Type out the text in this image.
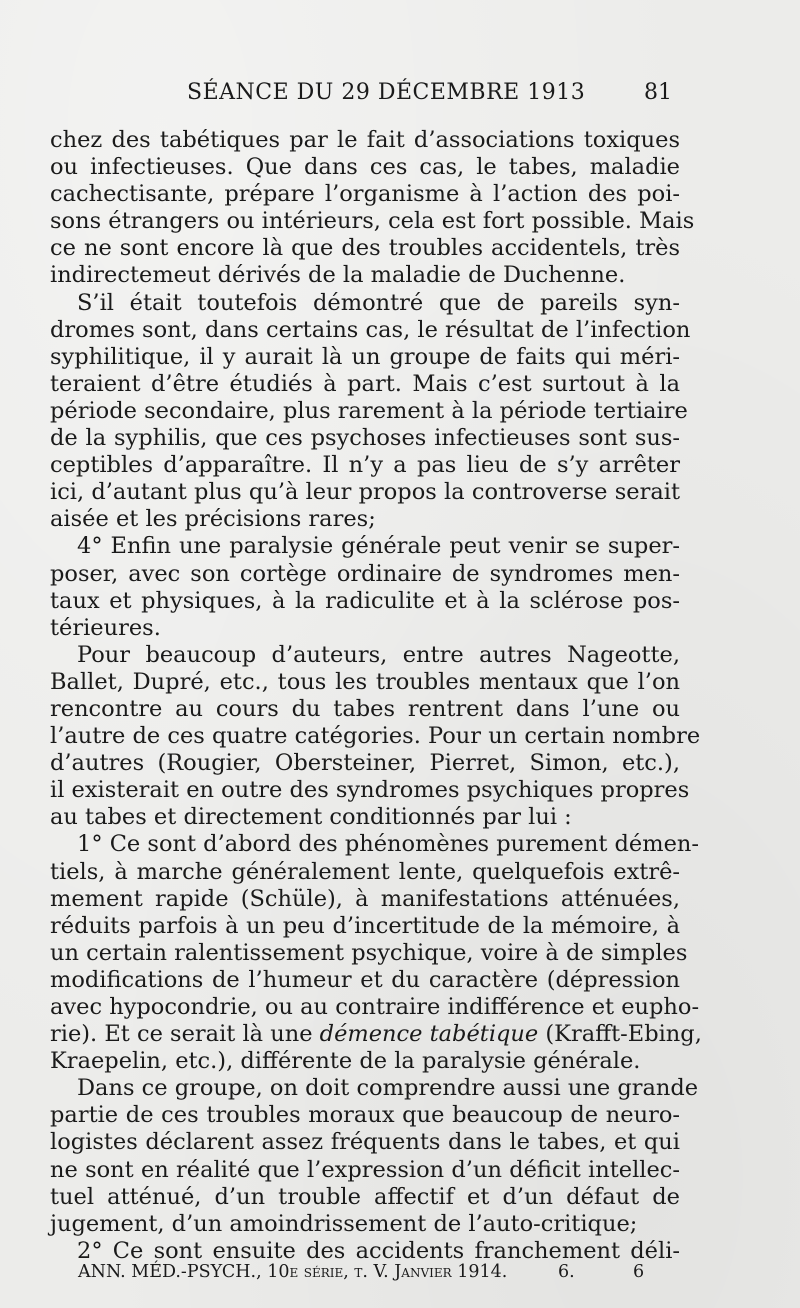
SÉANCE DU 29 DÉCEMBRE 1913	81
chez des tabétiques par le fait d’associations toxiques
ou infectieuses. Que dans ces cas, le tabes, maladie
cachectisante, prépare l’organisme à l’action des poi-
sons étrangers ou intérieurs, cela est fort possible. Mais
ce ne sont encore là que des troubles accidentels, très
indirectemeut dérivés de la maladie de Duchenne.
S’il était toutefois démontré que de pareils syn-
dromes sont, dans certains cas, le résultat de l’infection
syphilitique, il y aurait là un groupe de faits qui méri-
teraient d’être étudiés à part. Mais c’est surtout à la
période secondaire, plus rarement à la période tertiaire
de la syphilis, que ces psychoses infectieuses sont sus-
ceptibles d’apparaître. Il n’y a pas lieu de s’y arrêter
ici, d’autant plus qu’à leur propos la controverse serait
aisée et les précisions rares;
4° Enfin une paralysie générale peut venir se super-
poser, avec son cortège ordinaire de syndromes men-
taux et physiques, à la radiculite et à la sclérose pos-
térieures.
Pour beaucoup d’auteurs, entre autres Nageotte,
Ballet, Dupré, etc., tous les troubles mentaux que l’on
rencontre au cours du tabes rentrent dans l’une ou
l’autre de ces quatre catégories. Pour un certain nombre
d’autres (Rougier, Obersteiner, Pierret, Simon, etc.),
il existerait en outre des syndromes psychiques propres
au tabes et directement conditionnés par lui :
1° Ce sont d’abord des phénomènes purement démen-
tiels, à marche généralement lente, quelquefois extrê-
mement rapide (Schüle), à manifestations atténuées,
réduits parfois à un peu d’incertitude de la mémoire, à
un certain ralentissement psychique, voire à de simples
modifications de l’humeur et du caractère (dépression
avec hypocondrie, ou au contraire indifférence et eupho-
rie). Et ce serait là une démence tabétique (Krafft-Ebing,
Kraepelin, etc.), différente de la paralysie générale.
Dans ce groupe, on doit comprendre aussi une grande
partie de ces troubles moraux que beaucoup de neuro-
logistes déclarent assez fréquents dans le tabes, et qui
ne sont en réalité que l’expression d’un déficit intellec-
tuel atténué, d’un trouble affectif et d’un défaut de
jugement, d’un amoindrissement de l’auto-critique;
2° Ce sont ensuite des accidents franchement déli-
ANN. MÉD.-PSYCH., 10e série, t. V. Janvier 1914.	6.	6
